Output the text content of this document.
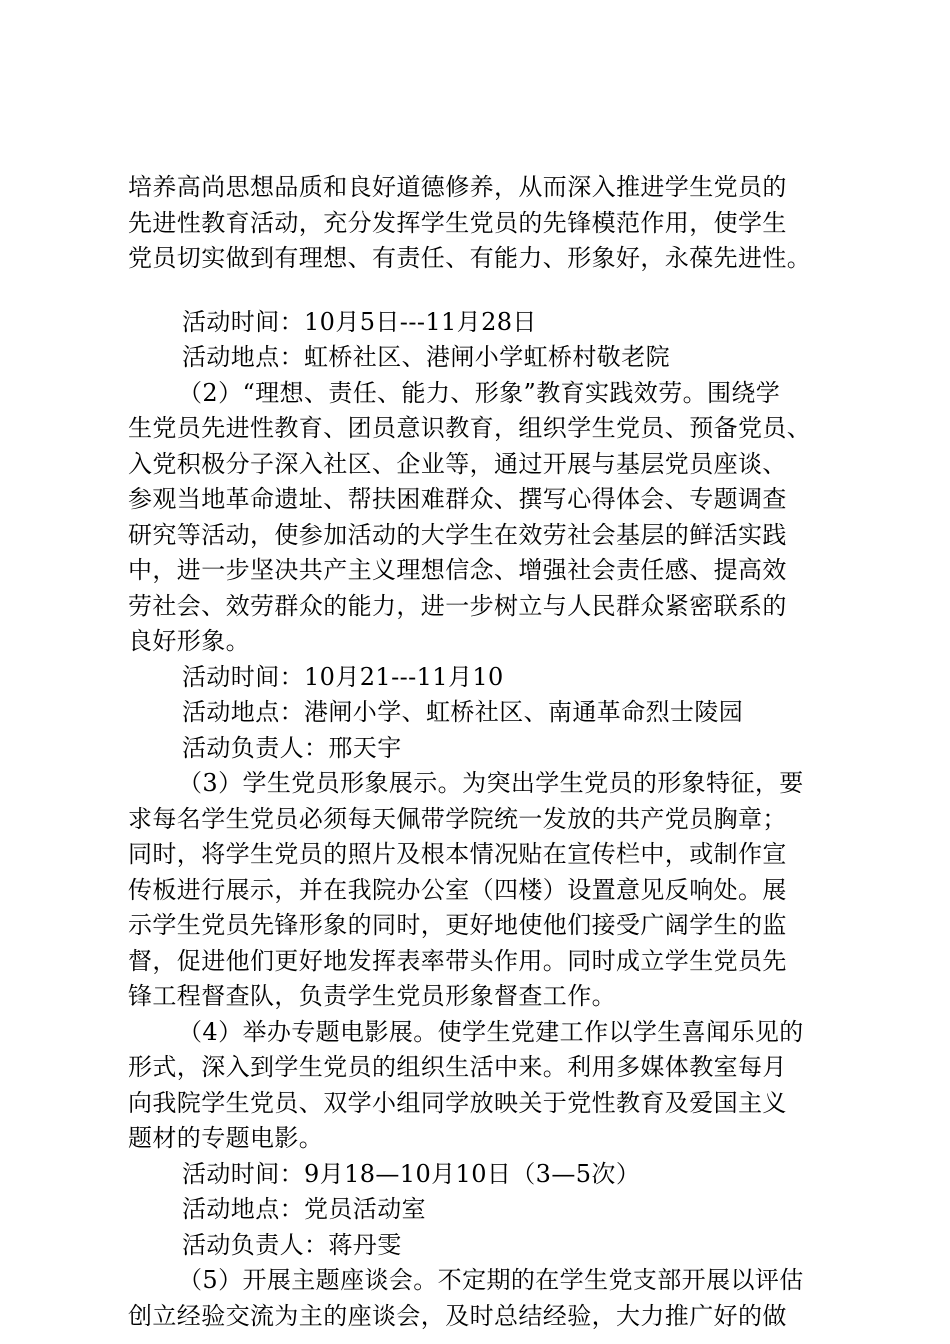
培养高尚思想品质和良好道德修养，从而深入推进学生党员的
先进性教育活动，充分发挥学生党员的先锋模范作用，使学生
党员切实做到有理想、有责任、有能力、形象好，永葆先进性。
活动时间：10月5日---11月28日
活动地点：虹桥社区、港闸小学虹桥村敬老院
（2）“理想、责任、能力、形象”教育实践效劳。围绕学
生党员先进性教育、团员意识教育，组织学生党员、预备党员、
入党积极分子深入社区、企业等，通过开展与基层党员座谈、
参观当地革命遗址、帮扶困难群众、撰写心得体会、专题调查
研究等活动，使参加活动的大学生在效劳社会基层的鲜活实践
中，进一步坚决共产主义理想信念、增强社会责任感、提高效
劳社会、效劳群众的能力，进一步树立与人民群众紧密联系的
良好形象。
活动时间：10月21---11月10
活动地点：港闸小学、虹桥社区、南通革命烈士陵园
活动负责人：邢天宇
（3）学生党员形象展示。为突出学生党员的形象特征，要
求每名学生党员必须每天佩带学院统一发放的共产党员胸章；
同时，将学生党员的照片及根本情况贴在宣传栏中，或制作宣
传板进行展示，并在我院办公室（四楼）设置意见反响处。展
示学生党员先锋形象的同时，更好地使他们接受广阔学生的监
督，促进他们更好地发挥表率带头作用。同时成立学生党员先
锋工程督查队，负责学生党员形象督查工作。
（4）举办专题电影展。使学生党建工作以学生喜闻乐见的
形式，深入到学生党员的组织生活中来。利用多媒体教室每月
向我院学生党员、双学小组同学放映关于党性教育及爱国主义
题材的专题电影。
活动时间：9月18—10月10日（3—5次）
活动地点：党员活动室
活动负责人：蒋丹雯
（5）开展主题座谈会。不定期的在学生党支部开展以评估
创立经验交流为主的座谈会，及时总结经验，大力推广好的做
